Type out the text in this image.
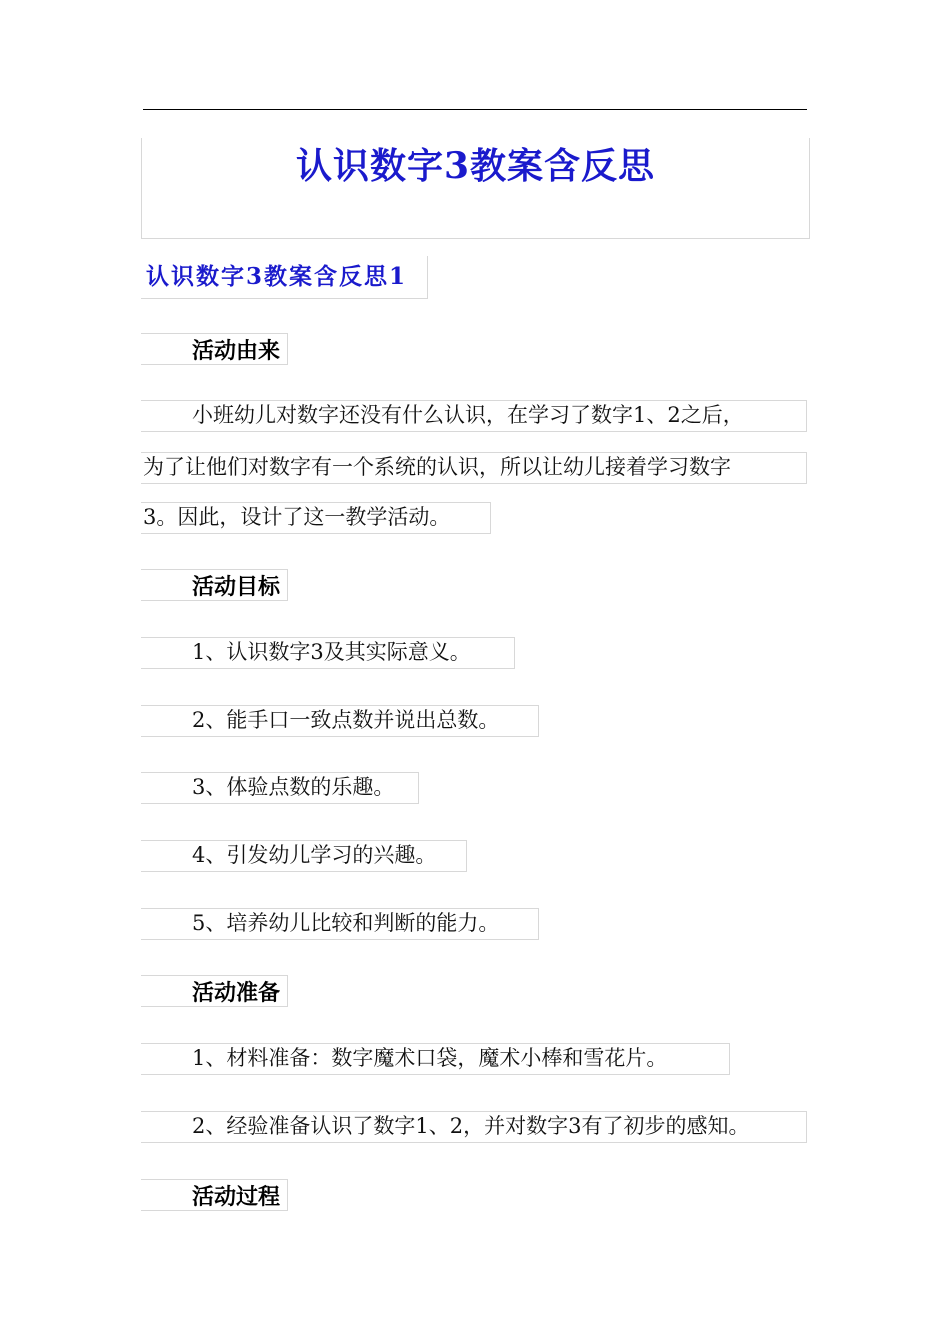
认识数字3教案含反思
认识数字3教案含反思1
活动由来
小班幼儿对数字还没有什么认识，在学习了数字1、2之后，
为了让他们对数字有一个系统的认识，所以让幼儿接着学习数字
3。因此，设计了这一教学活动。
活动目标
1、认识数字3及其实际意义。
2、能手口一致点数并说出总数。
3、体验点数的乐趣。
4、引发幼儿学习的兴趣。
5、培养幼儿比较和判断的能力。
活动准备
1、材料准备：数字魔术口袋，魔术小棒和雪花片。
2、经验准备认识了数字1、2，并对数字3有了初步的感知。
活动过程
